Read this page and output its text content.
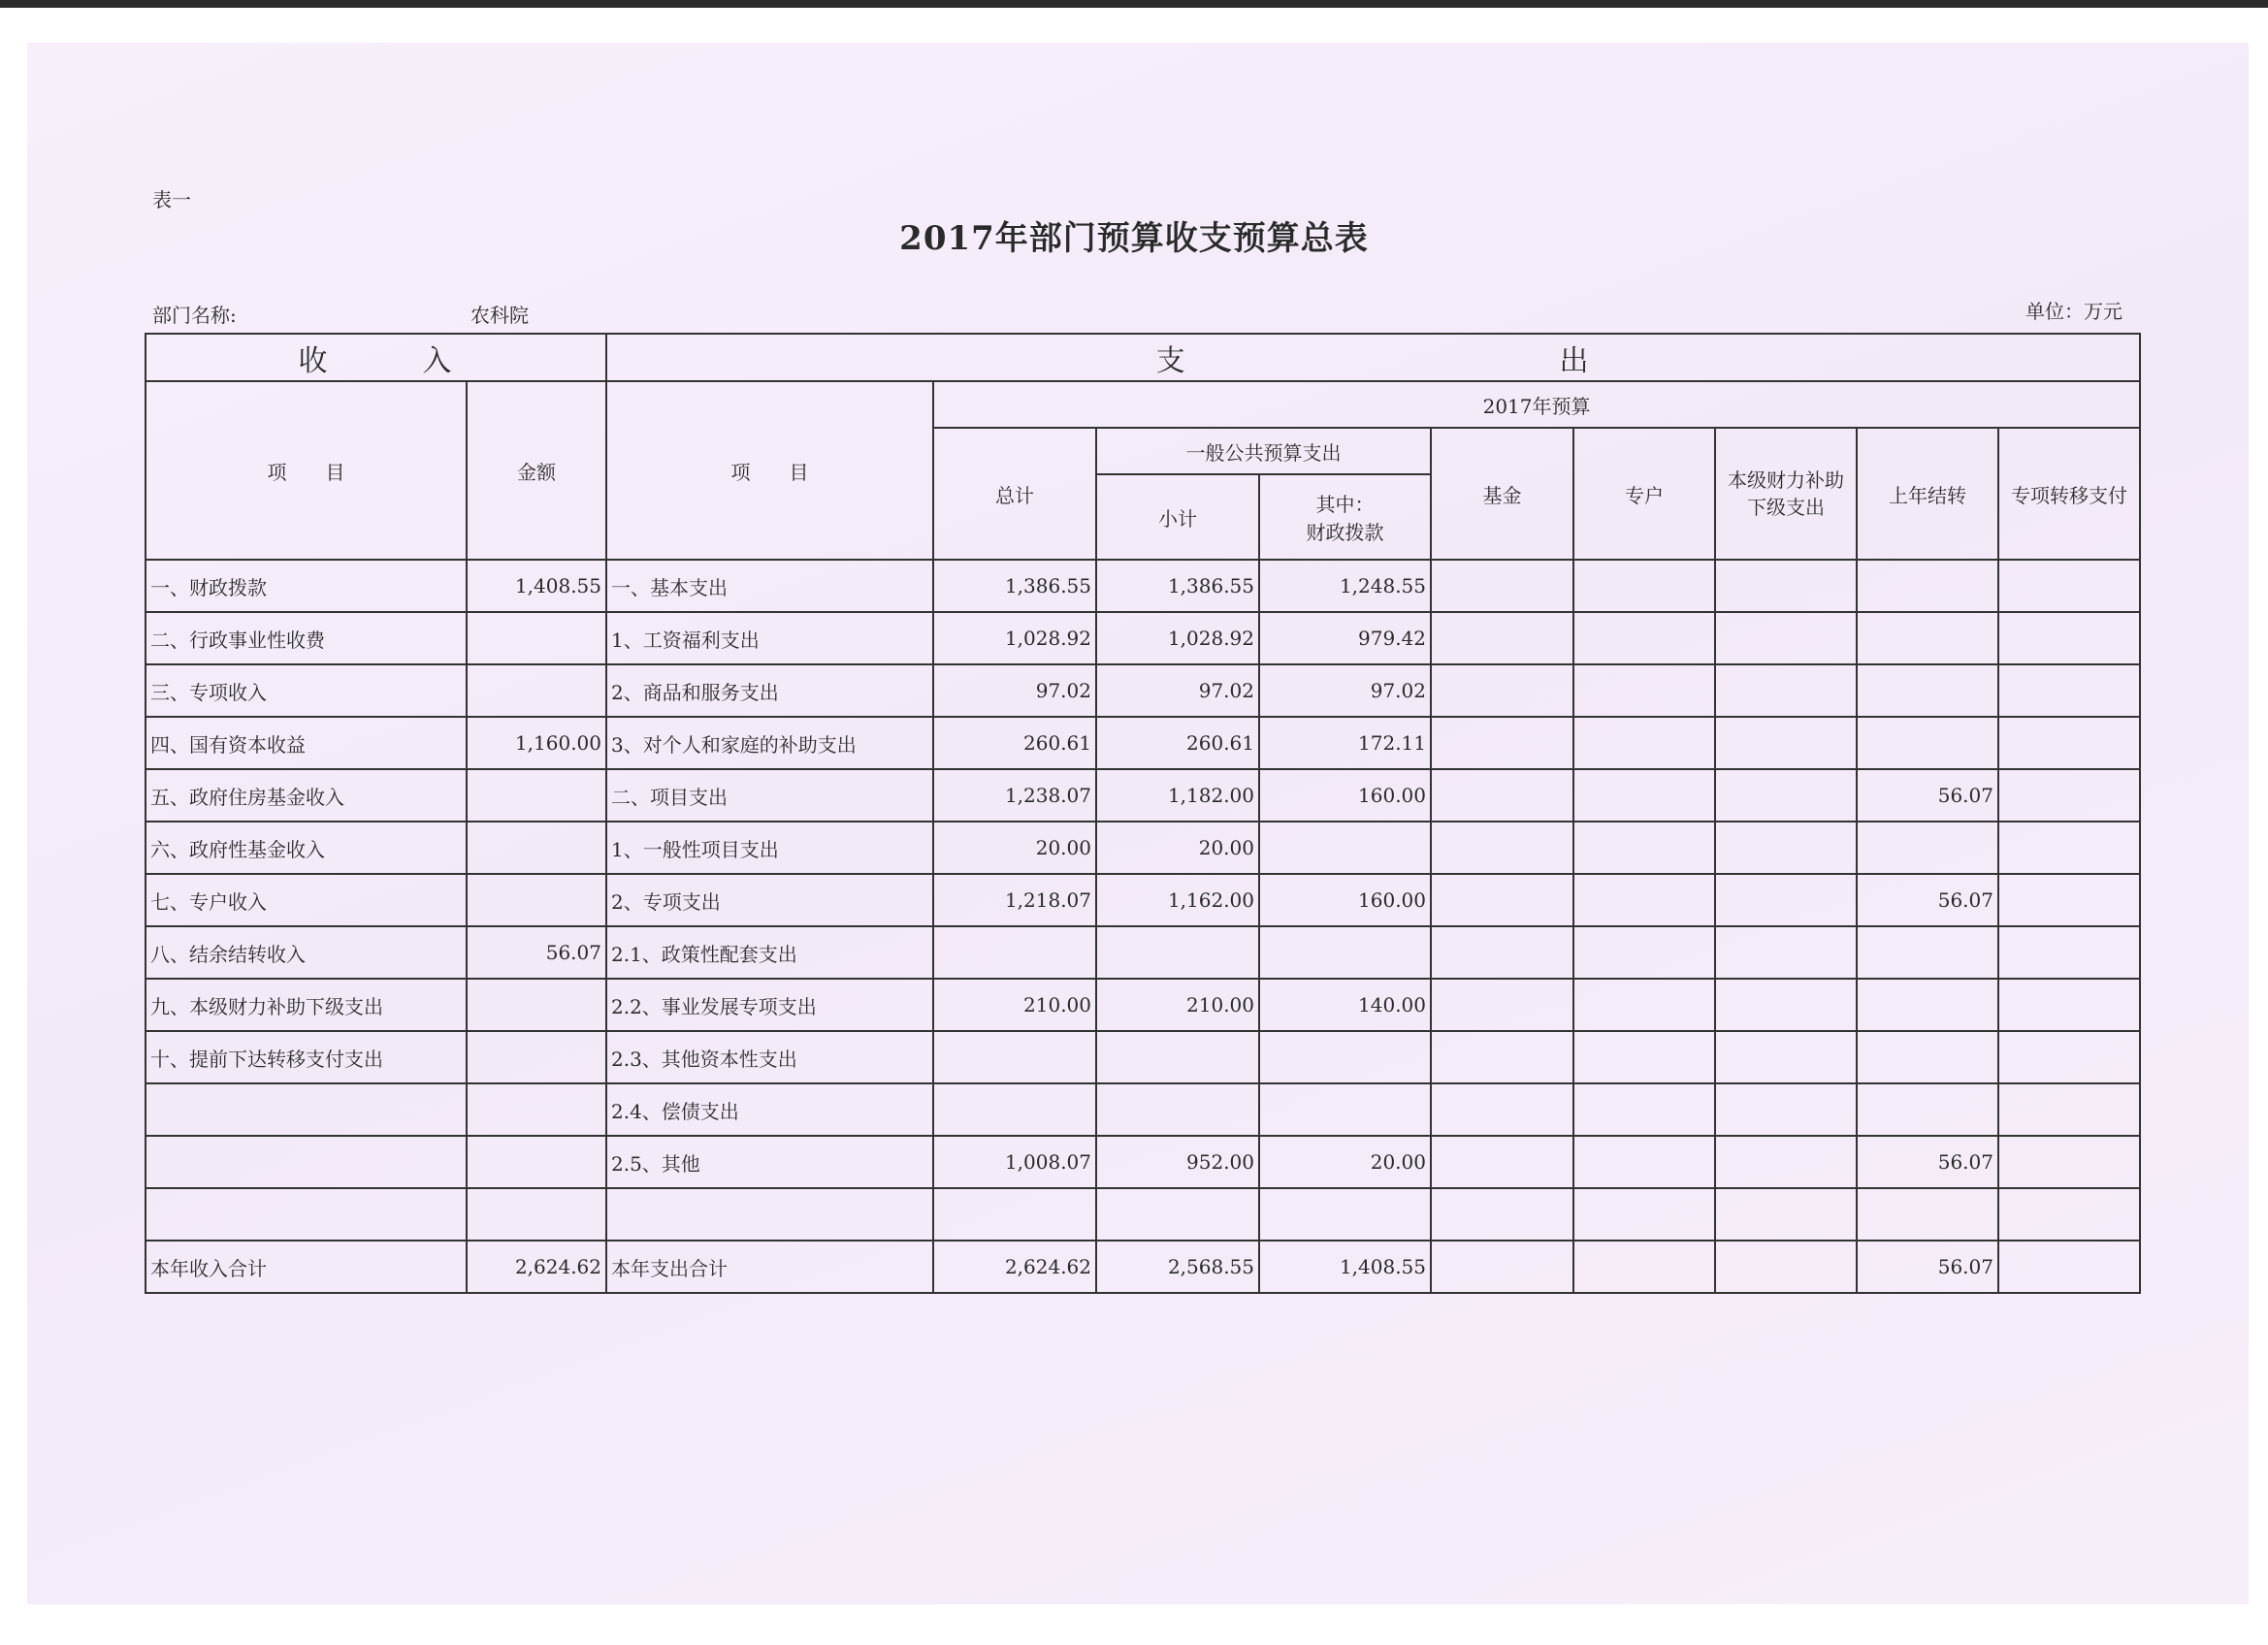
表一
2017年部门预算收支预算总表
部门名称:	农科院	单位：万元
收　　　入		支　　　　　　　　　　　　出								
项　　目	金额	项　　目	2017年预算							
			总计	一般公共预算支出		基金	专户	本级财力补助下级支出	上年结转	专项转移支付
				小计	其中：
财政拨款					

一、财政拨款	1,408.55	一、基本支出	1,386.55	1,386.55	1,248.55					
二、行政事业性收费		1、工资福利支出	1,028.92	1,028.92	979.42					
三、专项收入		2、商品和服务支出	97.02	97.02	97.02					
四、国有资本收益	1,160.00	3、对个人和家庭的补助支出	260.61	260.61	172.11					
五、政府住房基金收入		二、项目支出	1,238.07	1,182.00	160.00				56.07	
六、政府性基金收入		1、一般性项目支出	20.00	20.00						
七、专户收入		2、专项支出	1,218.07	1,162.00	160.00				56.07	
八、结余结转收入	56.07	2.1、政策性配套支出								
九、本级财力补助下级支出		2.2、事业发展专项支出	210.00	210.00	140.00					
十、提前下达转移支付支出		2.3、其他资本性支出								
		2.4、偿债支出								
		2.5、其他	1,008.07	952.00	20.00				56.07	

本年收入合计	2,624.62	本年支出合计	2,624.62	2,568.55	1,408.55				56.07	
